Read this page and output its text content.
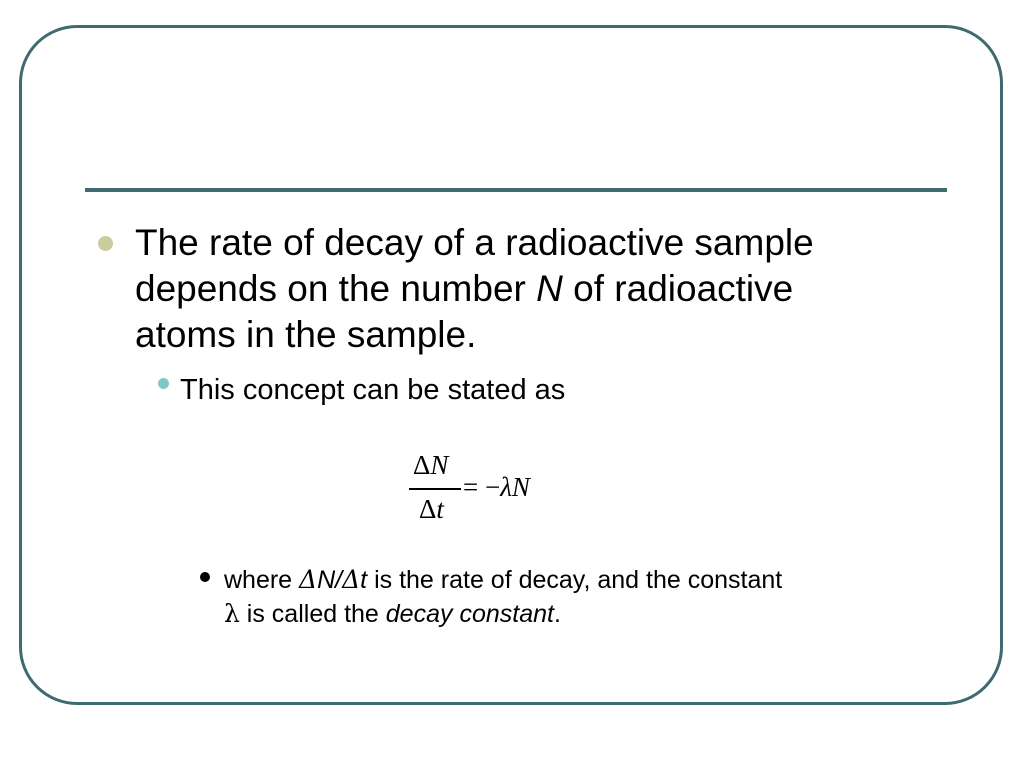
The rate of decay of a radioactive sample depends on the number N of radioactive atoms in the sample.
This concept can be stated as
ΔN
Δt
= −λN
where ΔN/Δt is the rate of decay, and the constant
λ is called the decay constant.
